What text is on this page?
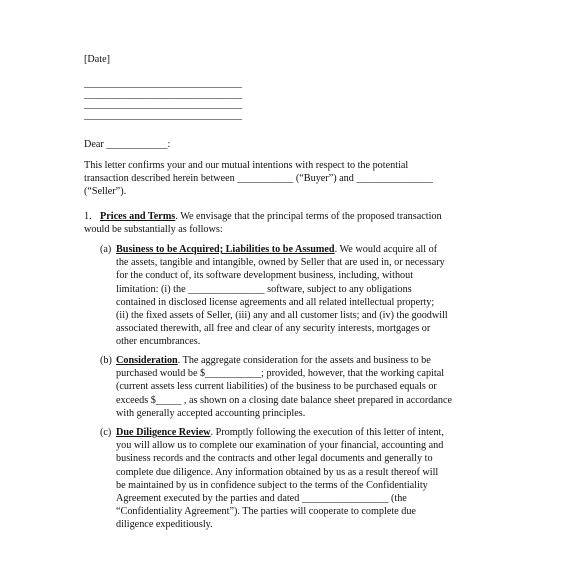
[Date]
_______________________________
_______________________________
_______________________________
_______________________________
Dear ____________:
This letter confirms your and our mutual intentions with respect to the potential
transaction described herein between ___________ (“Buyer”) and _______________
(“Seller”).
1. Prices and Terms. We envisage that the principal terms of the proposed transaction
would be substantially as follows:
(a) Business to be Acquired; Liabilities to be Assumed. We would acquire all of
the assets, tangible and intangible, owned by Seller that are used in, or necessary
for the conduct of, its software development business, including, without
limitation: (i) the _______________ software, subject to any obligations
contained in disclosed license agreements and all related intellectual property;
(ii) the fixed assets of Seller, (iii) any and all customer lists; and (iv) the goodwill
associated therewith, all free and clear of any security interests, mortgages or
other encumbrances.
(b) Consideration. The aggregate consideration for the assets and business to be
purchased would be $___________; provided, however, that the working capital
(current assets less current liabilities) of the business to be purchased equals or
exceeds $_____ , as shown on a closing date balance sheet prepared in accordance
with generally accepted accounting principles.
(c) Due Diligence Review. Promptly following the execution of this letter of intent,
you will allow us to complete our examination of your financial, accounting and
business records and the contracts and other legal documents and generally to
complete due diligence. Any information obtained by us as a result thereof will
be maintained by us in confidence subject to the terms of the Confidentiality
Agreement executed by the parties and dated _________________ (the
“Confidentiality Agreement”). The parties will cooperate to complete due
diligence expeditiously.
